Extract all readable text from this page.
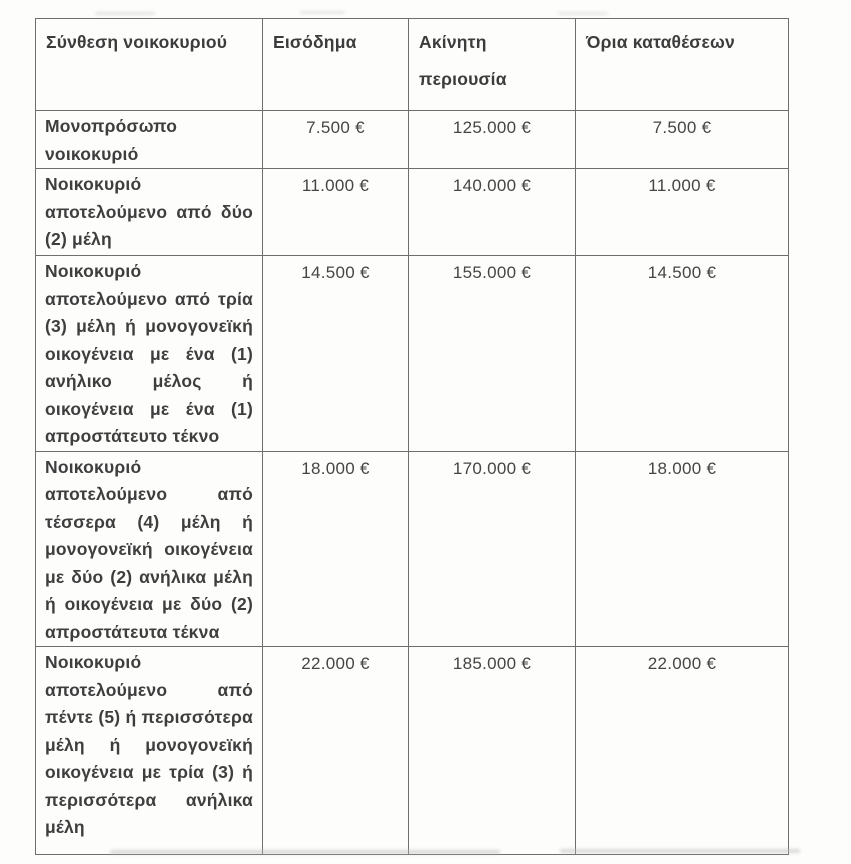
Σύνθεση νοικοκυριού	Εισόδημα	Ακίνητη περιουσία	Όρια καταθέσεων
Μονοπρόσωπο νοικοκυριό	7.500 €	125.000 €	7.500 €
Νοικοκυριό αποτελούμενο από δύο (2) μέλη	11.000 €	140.000 €	11.000 €
Νοικοκυριό αποτελούμενο από τρία (3) μέλη ή μονογονεϊκή οικογένεια με ένα (1) ανήλικο μέλος ή οικογένεια με ένα (1) απροστάτευτο τέκνο	14.500 €	155.000 €	14.500 €
Νοικοκυριό αποτελούμενο από τέσσερα (4) μέλη ή μονογονεϊκή οικογένεια με δύο (2) ανήλικα μέλη ή οικογένεια με δύο (2) απροστάτευτα τέκνα	18.000 €	170.000 €	18.000 €
Νοικοκυριό αποτελούμενο από πέντε (5) ή περισσότερα μέλη ή μονογονεϊκή οικογένεια με τρία (3) ή περισσότερα ανήλικα μέλη	22.000 €	185.000 €	22.000 €
